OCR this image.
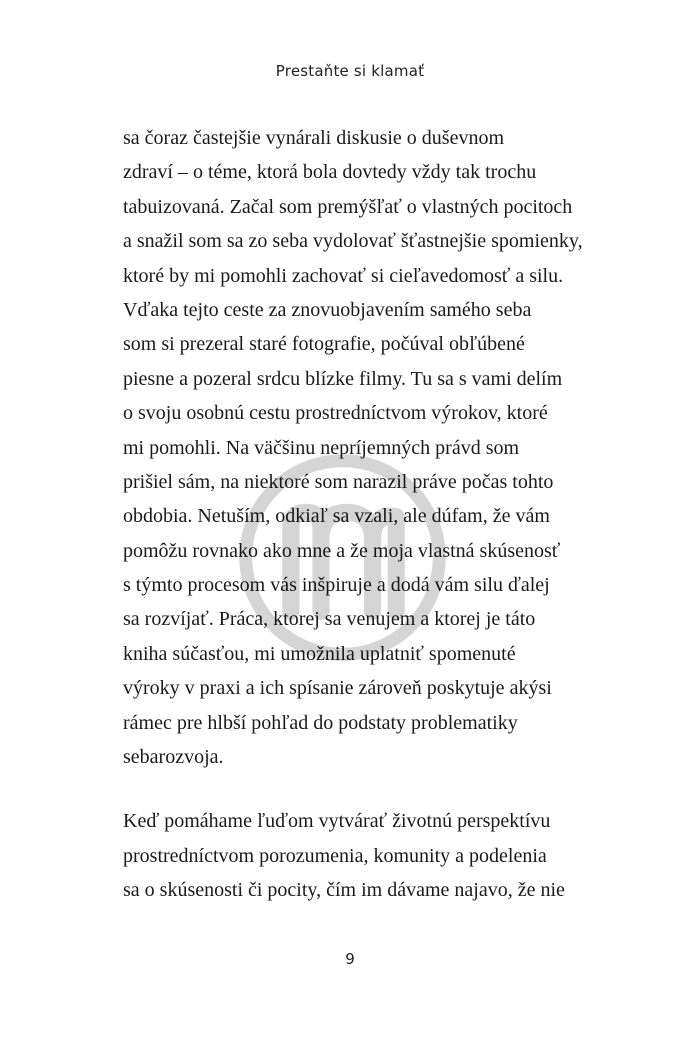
Prestaňte si klamať
sa čoraz častejšie vynárali diskusie o duševnom
zdraví – o téme, ktorá bola dovtedy vždy tak trochu
tabuizovaná. Začal som premýšľať o vlastných pocitoch
a snažil som sa zo seba vydolovať šťastnejšie spomienky,
ktoré by mi pomohli zachovať si cieľavedomosť a silu.
Vďaka tejto ceste za znovuobjavením samého seba
som si prezeral staré fotografie, počúval obľúbené
piesne a pozeral srdcu blízke filmy. Tu sa s vami delím
o svoju osobnú cestu prostredníctvom výrokov, ktoré
mi pomohli. Na väčšinu nepríjemných právd som
prišiel sám, na niektoré som narazil práve počas tohto
obdobia. Netuším, odkiaľ sa vzali, ale dúfam, že vám
pomôžu rovnako ako mne a že moja vlastná skúsenosť
s týmto procesom vás inšpiruje a dodá vám silu ďalej
sa rozvíjať. Práca, ktorej sa venujem a ktorej je táto
kniha súčasťou, mi umožnila uplatniť spomenuté
výroky v praxi a ich spísanie zároveň poskytuje akýsi
rámec pre hlbší pohľad do podstaty problematiky
sebarozvoja.
Keď pomáhame ľuďom vytvárať životnú perspektívu
prostredníctvom porozumenia, komunity a podelenia
sa o skúsenosti či pocity, čím im dávame najavo, že nie
9
